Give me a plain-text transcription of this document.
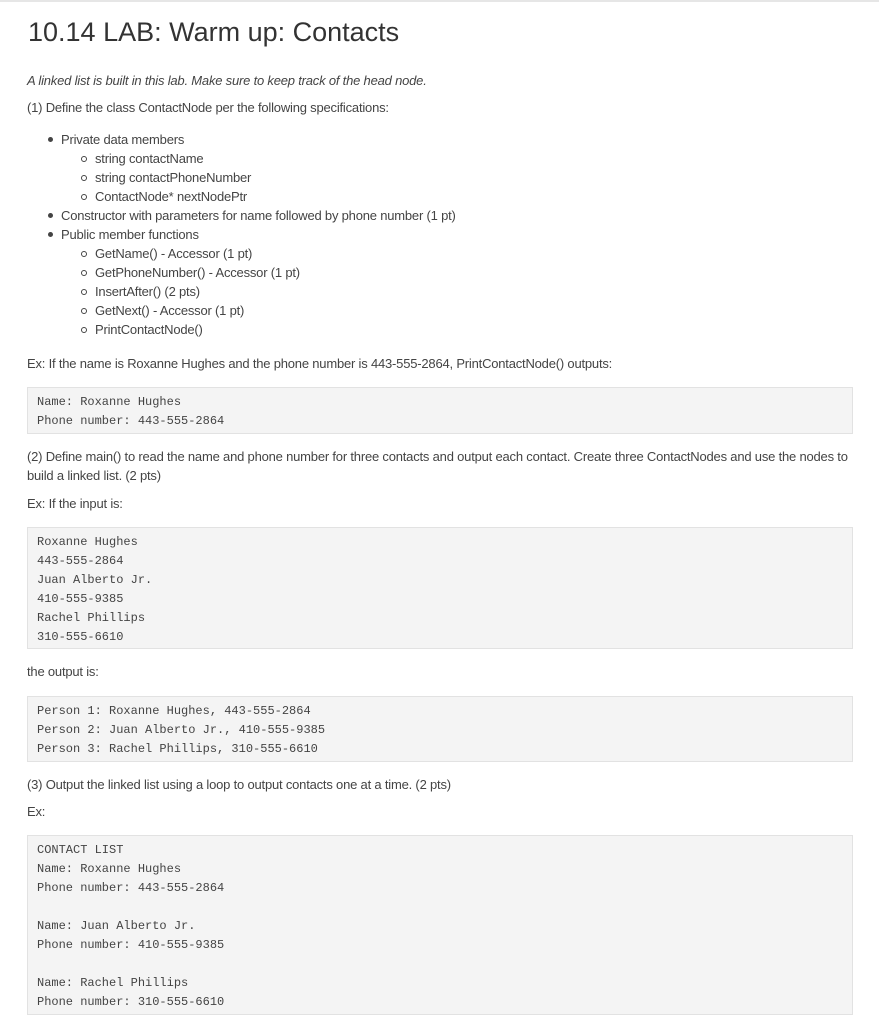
10.14 LAB: Warm up: Contacts
A linked list is built in this lab. Make sure to keep track of the head node.
(1) Define the class ContactNode per the following specifications:
Private data members
string contactName
string contactPhoneNumber
ContactNode* nextNodePtr
Constructor with parameters for name followed by phone number (1 pt)
Public member functions
GetName() - Accessor (1 pt)
GetPhoneNumber() - Accessor (1 pt)
InsertAfter() (2 pts)
GetNext() - Accessor (1 pt)
PrintContactNode()
Ex: If the name is Roxanne Hughes and the phone number is 443-555-2864, PrintContactNode() outputs:
Name: Roxanne Hughes
Phone number: 443-555-2864
(2) Define main() to read the name and phone number for three contacts and output each contact. Create three ContactNodes and use the nodes to build a linked list. (2 pts)
Ex: If the input is:
Roxanne Hughes
443-555-2864
Juan Alberto Jr.
410-555-9385
Rachel Phillips
310-555-6610
the output is:
Person 1: Roxanne Hughes, 443-555-2864
Person 2: Juan Alberto Jr., 410-555-9385
Person 3: Rachel Phillips, 310-555-6610
(3) Output the linked list using a loop to output contacts one at a time. (2 pts)
Ex:
CONTACT LIST
Name: Roxanne Hughes
Phone number: 443-555-2864
Name: Juan Alberto Jr.
Phone number: 410-555-9385
Name: Rachel Phillips
Phone number: 310-555-6610
